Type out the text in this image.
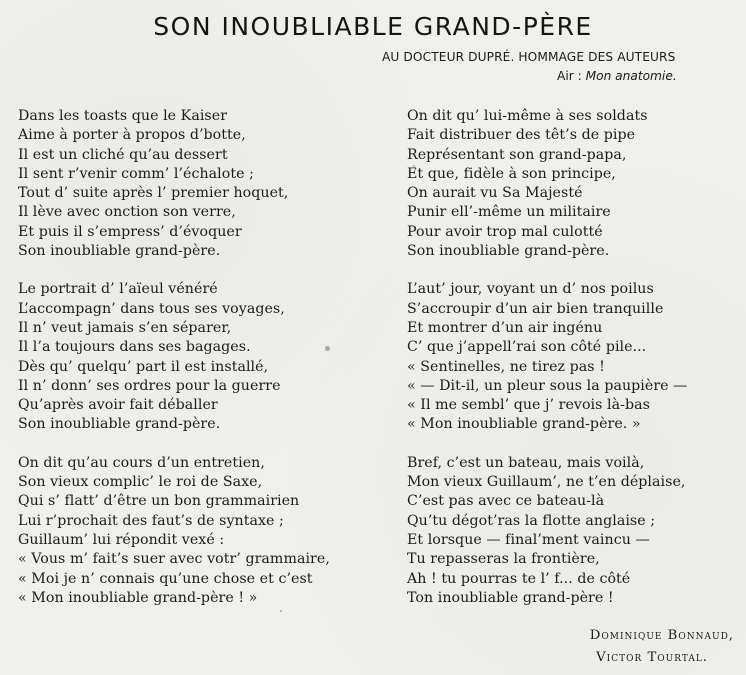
SON INOUBLIABLE GRAND-PÈRE
AU DOCTEUR DUPRÉ. HOMMAGE DES AUTEURS
Air : Mon anatomie.
Dans les toasts que le Kaiser
Aime à porter à propos d’botte,
Il est un cliché qu’au dessert
Il sent r’venir comm’ l’échalote ;
Tout d’ suite après l’ premier hoquet,
Il lève avec onction son verre,
Et puis il s’empress’ d’évoquer
Son inoubliable grand-père.
Le portrait d’ l’aïeul vénéré
L’accompagn’ dans tous ses voyages,
Il n’ veut jamais s’en séparer,
Il l’a toujours dans ses bagages.
Dès qu’ quelqu’ part il est installé,
Il n’ donn’ ses ordres pour la guerre
Qu’après avoir fait déballer
Son inoubliable grand-père.
On dit qu’au cours d’un entretien,
Son vieux complic’ le roi de Saxe,
Qui s’ flatt’ d’être un bon grammairien
Lui r’prochait des faut’s de syntaxe ;
Guillaum’ lui répondit vexé :
« Vous m’ fait’s suer avec votr’ grammaire,
« Moi je n’ connais qu’une chose et c’est
« Mon inoubliable grand-père ! »
On dit qu’ lui-même à ses soldats
Fait distribuer des têt’s de pipe
Représentant son grand-papa,
Et que, fidèle à son principe,
On aurait vu Sa Majesté
Punir ell’-même un militaire
Pour avoir trop mal culotté
Son inoubliable grand-père.
L’aut’ jour, voyant un d’ nos poilus
S’accroupir d’un air bien tranquille
Et montrer d’un air ingénu
C’ que j’appell’rai son côté pile...
« Sentinelles, ne tirez pas !
« — Dit-il, un pleur sous la paupière —
« Il me sembl’ que j’ revois là-bas
« Mon inoubliable grand-père. »
Bref, c’est un bateau, mais voilà,
Mon vieux Guillaum’, ne t’en déplaise,
C’est pas avec ce bateau-là
Qu’tu dégot’ras la flotte anglaise ;
Et lorsque — final’ment vaincu —
Tu repasseras la frontière,
Ah ! tu pourras te l’ f... de côté
Ton inoubliable grand-père !
Dominique Bonnaud,
Victor Tourtal.
